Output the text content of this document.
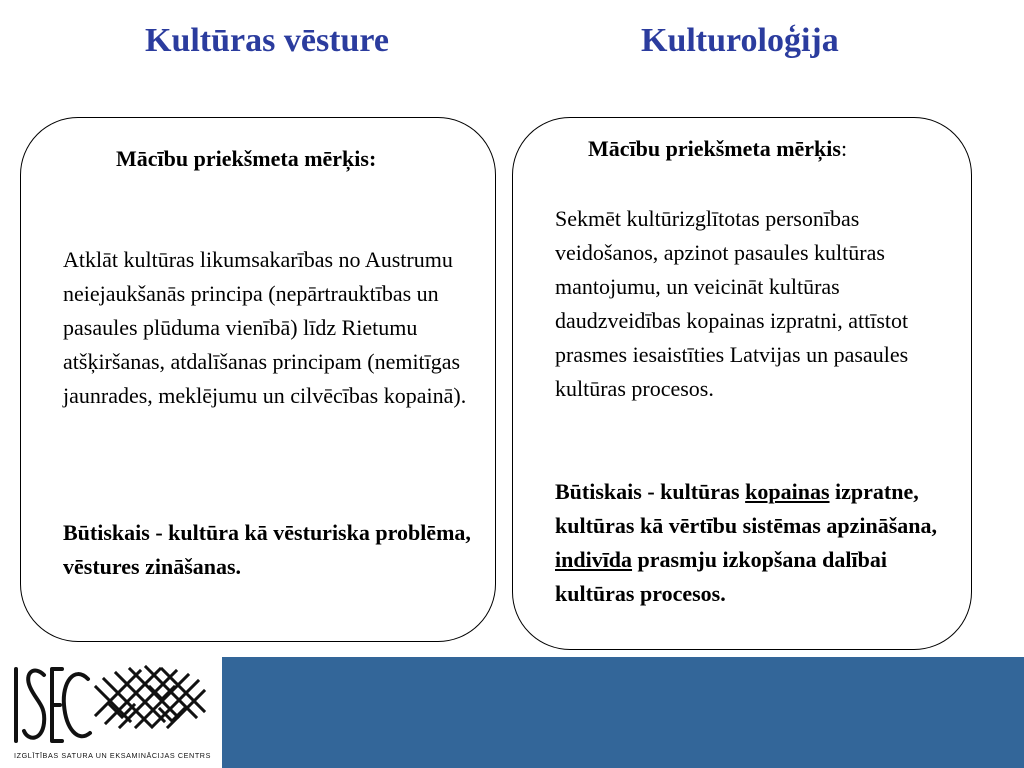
Kultūras vēsture	Kulturoloģija
Mācību priekšmeta mērķis:
Atklāt kultūras likumsakarības no Austrumu neiejaukšanās principa (nepārtrauktības un pasaules plūduma vienībā) līdz Rietumu atšķiršanas, atdalīšanas principam (nemitīgas jaunrades, meklējumu un cilvēcības kopainā).
Būtiskais - kultūra kā vēsturiska problēma, vēstures zināšanas.
Mācību priekšmeta mērķis:
Sekmēt kultūrizglītotas personības veidošanos, apzinot pasaules kultūras mantojumu, un veicināt kultūras daudzveidības kopainas izpratni, attīstot prasmes iesaistīties Latvijas un pasaules kultūras procesos.
Būtiskais - kultūras kopainas izpratne, kultūras kā vērtību sistēmas apzināšana, indivīda prasmju izkopšana dalībai kultūras procesos.
IZGLĪTĪBAS SATURA UN EKSAMINĀCIJAS CENTRS
